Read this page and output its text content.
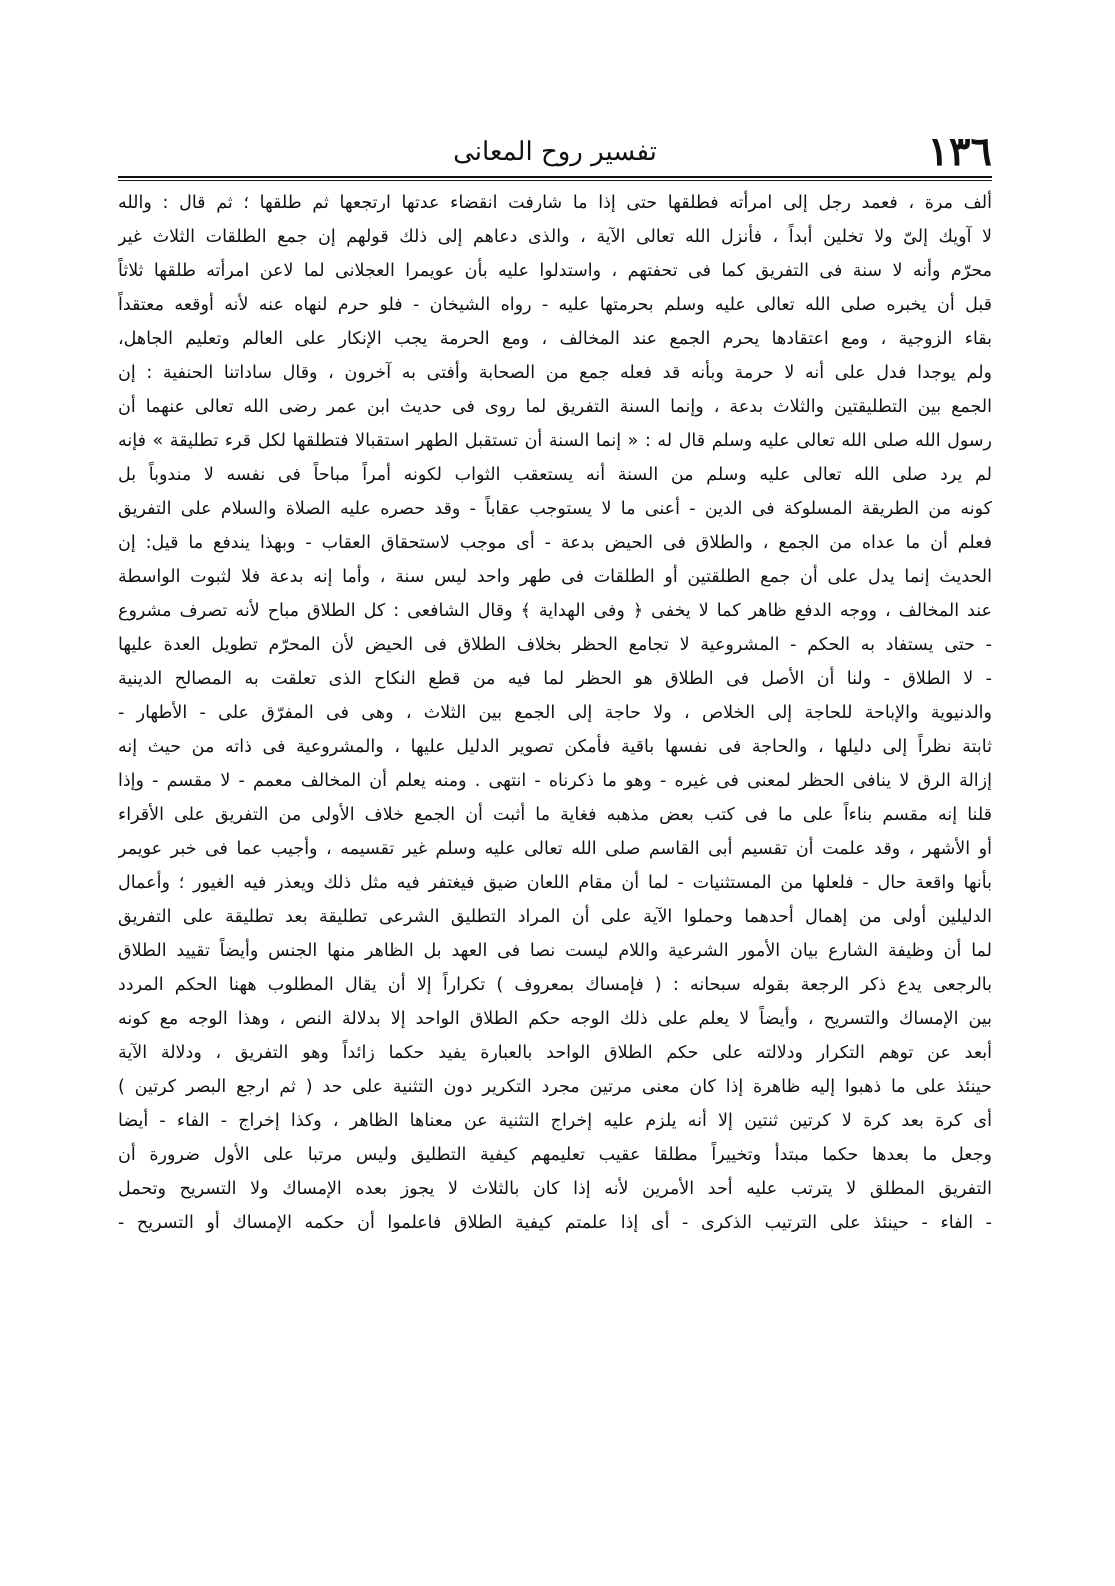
١٣٦
تفسير روح المعانى
ألف مرة ، فعمد رجل إلى امرأته فطلقها حتى إذا ما شارفت انقضاء عدتها ارتجعها ثم طلقها ؛ ثم قال : والله
لا آويك إلىّ ولا تخلين أبداً ، فأنزل الله تعالى الآية ، والذى دعاهم إلى ذلك قولهم إن جمع الطلقات الثلاث غير
محرّم وأنه لا سنة فى التفريق كما فى تحفتهم ، واستدلوا عليه بأن عويمرا العجلانى لما لاعن امرأته طلقها ثلاثاً
قبل أن يخبره صلى الله تعالى عليه وسلم بحرمتها عليه - رواه الشيخان - فلو حرم لنهاه عنه لأنه أوقعه معتقداً
بقاء الزوجية ، ومع اعتقادها يحرم الجمع عند المخالف ، ومع الحرمة يجب الإنكار على العالم وتعليم الجاهل،
ولم يوجدا فدل على أنه لا حرمة وبأنه قد فعله جمع من الصحابة وأفتى به آخرون ، وقال ساداتنا الحنفية : إن
الجمع بين التطليقتين والثلاث بدعة ، وإنما السنة التفريق لما روى فى حديث ابن عمر رضى الله تعالى عنهما أن
رسول الله صلى الله تعالى عليه وسلم قال له : « إنما السنة أن تستقبل الطهر استقبالا فتطلقها لكل قرء تطليقة » فإنه
لم يرد صلى الله تعالى عليه وسلم من السنة أنه يستعقب الثواب لكونه أمراً مباحاً فى نفسه لا مندوباً بل
كونه من الطريقة المسلوكة فى الدين - أعنى ما لا يستوجب عقاباً - وقد حصره عليه الصلاة والسلام على التفريق
فعلم أن ما عداه من الجمع ، والطلاق فى الحيض بدعة - أى موجب لاستحقاق العقاب - وبهذا يندفع ما قيل: إن
الحديث إنما يدل على أن جمع الطلقتين أو الطلقات فى طهر واحد ليس سنة ، وأما إنه بدعة فلا لثبوت الواسطة
عند المخالف ، ووجه الدفع ظاهر كما لا يخفى ﴿ وفى الهداية ﴾ وقال الشافعى : كل الطلاق مباح لأنه تصرف مشروع
- حتى يستفاد به الحكم - المشروعية لا تجامع الحظر بخلاف الطلاق فى الحيض لأن المحرّم تطويل العدة عليها
- لا الطلاق - ولنا أن الأصل فى الطلاق هو الحظر لما فيه من قطع النكاح الذى تعلقت به المصالح الدينية
والدنيوية والإباحة للحاجة إلى الخلاص ، ولا حاجة إلى الجمع بين الثلاث ، وهى فى المفرّق على - الأطهار -
ثابتة نظراً إلى دليلها ، والحاجة فى نفسها باقية فأمكن تصوير الدليل عليها ، والمشروعية فى ذاته من حيث إنه
إزالة الرق لا ينافى الحظر لمعنى فى غيره - وهو ما ذكرناه - انتهى . ومنه يعلم أن المخالف معمم - لا مقسم - وإذا
قلنا إنه مقسم بناءاً على ما فى كتب بعض مذهبه فغاية ما أثبت أن الجمع خلاف الأولى من التفريق على الأقراء
أو الأشهر ، وقد علمت أن تقسيم أبى القاسم صلى الله تعالى عليه وسلم غير تقسيمه ، وأجيب عما فى خبر عويمر
بأنها واقعة حال - فلعلها من المستثنيات - لما أن مقام اللعان ضيق فيغتفر فيه مثل ذلك ويعذر فيه الغيور ؛ وأعمال
الدليلين أولى من إهمال أحدهما وحملوا الآية على أن المراد التطليق الشرعى تطليقة بعد تطليقة على التفريق
لما أن وظيفة الشارع بيان الأمور الشرعية واللام ليست نصا فى العهد بل الظاهر منها الجنس وأيضاً تقييد الطلاق
بالرجعى يدع ذكر الرجعة بقوله سبحانه : ( فإمساك بمعروف ) تكراراً إلا أن يقال المطلوب ههنا الحكم المردد
بين الإمساك والتسريح ، وأيضاً لا يعلم على ذلك الوجه حكم الطلاق الواحد إلا بدلالة النص ، وهذا الوجه مع كونه
أبعد عن توهم التكرار ودلالته على حكم الطلاق الواحد بالعبارة يفيد حكما زائداً وهو التفريق ، ودلالة الآية
حينئذ على ما ذهبوا إليه ظاهرة إذا كان معنى مرتين مجرد التكرير دون التثنية على حد ( ثم ارجع البصر كرتين )
أى كرة بعد كرة لا كرتين ثنتين إلا أنه يلزم عليه إخراج التثنية عن معناها الظاهر ، وكذا إخراج - الفاء - أيضا
وجعل ما بعدها حكما مبتدأ وتخييراً مطلقا عقيب تعليمهم كيفية التطليق وليس مرتبا على الأول ضرورة أن
التفريق المطلق لا يترتب عليه أحد الأمرين لأنه إذا كان بالثلاث لا يجوز بعده الإمساك ولا التسريح وتحمل
- الفاء - حينئذ على الترتيب الذكرى - أى إذا علمتم كيفية الطلاق فاعلموا أن حكمه الإمساك أو التسريح -
